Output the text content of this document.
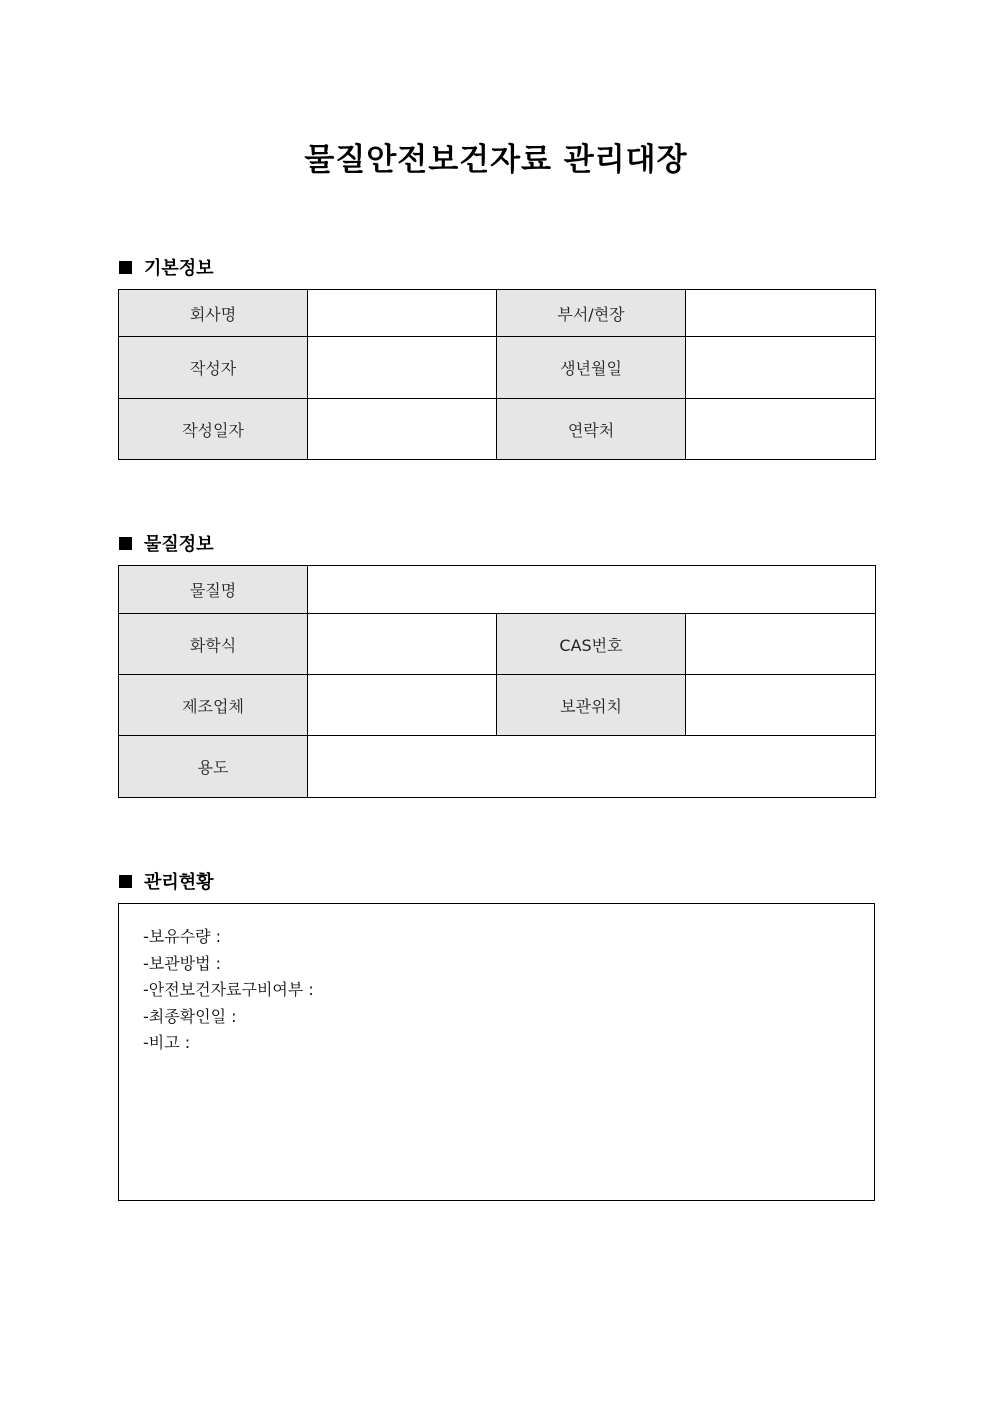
물질안전보건자료 관리대장
기본정보
회사명		부서/현장	
작성자		생년월일	
작성일자		연락처	
물질정보
물질명			
화학식		CAS번호	
제조업체		보관위치	
용도			
관리현황
-보유수량 :
-보관방법 :
-안전보건자료구비여부 :
-최종확인일 :
-비고 :
